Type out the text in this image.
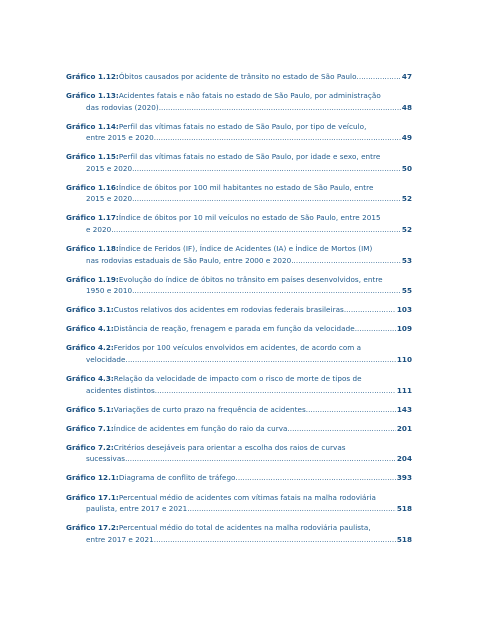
Gráfico 1.12: Óbitos causados por acidente de trânsito no estado de São Paulo .....	47
Gráfico 1.13: Acidentes fatais e não fatais no estado de São Paulo, por administração
das rodovias (2020) .....	48
Gráfico 1.14: Perfil das vítimas fatais no estado de São Paulo, por tipo de veículo,
entre 2015 e 2020 .....	49
Gráfico 1.15: Perfil das vítimas fatais no estado de São Paulo, por idade e sexo, entre
2015 e 2020 .....	50
Gráfico 1.16: Índice de óbitos por 100 mil habitantes no estado de São Paulo, entre
2015 e 2020 .....	52
Gráfico 1.17: Índice de óbitos por 10 mil veículos no estado de São Paulo, entre 2015
e 2020 .....	52
Gráfico 1.18: Índice de Feridos (IF), Índice de Acidentes (IA) e Índice de Mortos (IM)
nas rodovias estaduais de São Paulo, entre 2000 e 2020 .....	53
Gráfico 1.19: Evolução do índice de óbitos no trânsito em países desenvolvidos, entre
1950 e 2010 .....	55
Gráfico 3.1: Custos relativos dos acidentes em rodovias federais brasileiras .....	103
Gráfico 4.1: Distância de reação, frenagem e parada em função da velocidade .....	109
Gráfico 4.2: Feridos por 100 veículos envolvidos em acidentes, de acordo com a
velocidade .....	110
Gráfico 4.3: Relação da velocidade de impacto com o risco de morte de tipos de
acidentes distintos .....	111
Gráfico 5.1: Variações de curto prazo na frequência de acidentes .....	143
Gráfico 7.1: Índice de acidentes em função do raio da curva .....	201
Gráfico 7.2: Critérios desejáveis para orientar a escolha dos raios de curvas
sucessivas .....	204
Gráfico 12.1: Diagrama de conflito de tráfego .....	393
Gráfico 17.1: Percentual médio de acidentes com vítimas fatais na malha rodoviária
paulista, entre 2017 e 2021 .....	518
Gráfico 17.2: Percentual médio do total de acidentes na malha rodoviária paulista,
entre 2017 e 2021 .....	518
